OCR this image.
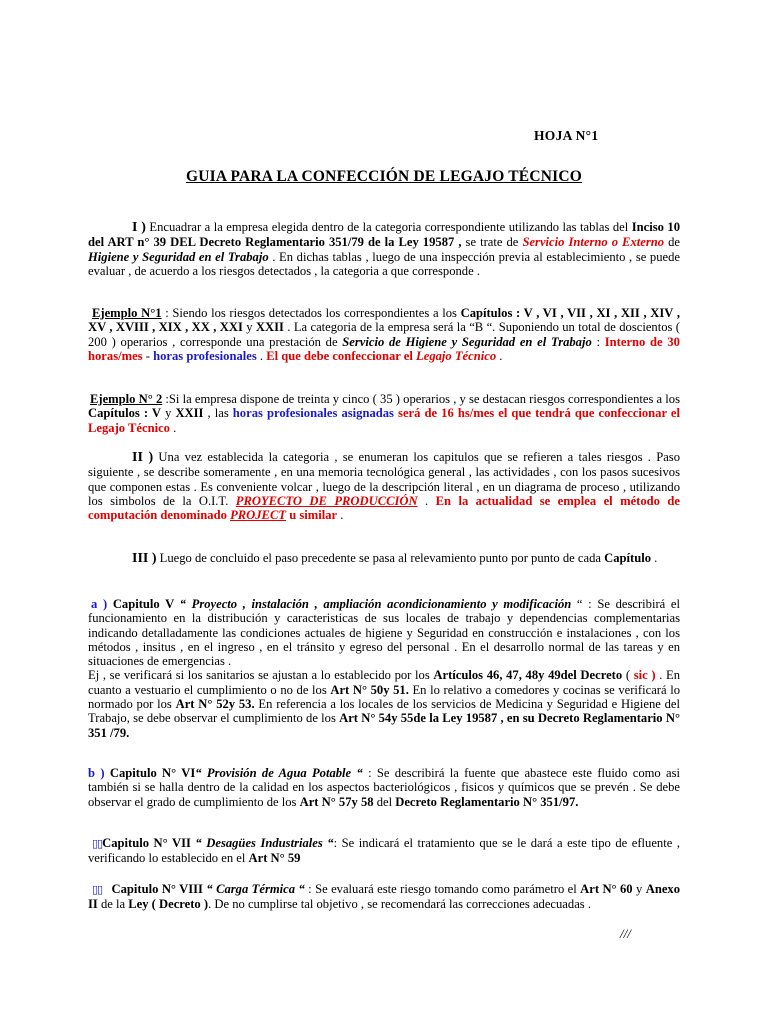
HOJA N°1
GUIA PARA LA CONFECCIÓN DE LEGAJO TÉCNICO

I ) Encuadrar a la empresa elegida dentro de la categoria correspondiente utilizando las tablas del Inciso 10 del ART n° 39 DEL Decreto Reglamentario 351/79 de la Ley 19587 , se trate de Servicio Interno o Externo de Higiene y Seguridad en el Trabajo . En dichas tablas , luego de una inspección previa al establecimiento , se puede evaluar , de acuerdo a los riesgos detectados , la categoria a que corresponde .

Ejemplo N°1 : Siendo los riesgos detectados los correspondientes a los Capítulos : V , VI , VII , XI , XII , XIV , XV , XVIII , XIX , XX , XXI y XXII . La categoria de la empresa será la “B “. Suponiendo un total de doscientos ( 200 ) operarios , corresponde una prestación de Servicio de Higiene y Seguridad en el Trabajo : Interno de 30 horas/mes - horas profesionales . El que debe confeccionar el Legajo Técnico .

Ejemplo N° 2 :Si la empresa dispone de treinta y cinco ( 35 ) operarios , y se destacan riesgos correspondientes a los Capítulos : V y XXII , las horas profesionales asignadas será de 16 hs/mes el que tendrá que confeccionar el Legajo Técnico .

II ) Una vez establecida la categoria , se enumeran los capitulos que se refieren a tales riesgos . Paso siguiente , se describe someramente , en una memoria tecnológica general , las actividades , con los pasos sucesivos que componen estas . Es conveniente volcar , luego de la descripción literal , en un diagrama de proceso , utilizando los simbolos de la O.I.T. PROYECTO DE PRODUCCIÓN . En la actualidad se emplea el método de computación denominado PROJECT u similar .

III ) Luego de concluido el paso precedente se pasa al relevamiento punto por punto de cada Capítulo .

a ) Capitulo V “ Proyecto , instalación , ampliación acondicionamiento y modificación “ : Se describirá el funcionamiento en la distribución y caracteristicas de sus locales de trabajo y dependencias complementarias indicando detalladamente las condiciones actuales de higiene y Seguridad en construcción e instalaciones , con los métodos , insitus , en el ingreso , en el tránsito y egreso del personal . En el desarrollo normal de las tareas y en situaciones de emergencias .
Ej , se verificará si los sanitarios se ajustan a lo establecido por los Artículos 46, 47, 48y 49del Decreto ( sic ) . En cuanto a vestuario el cumplimiento o no de los Art N° 50y 51. En lo relativo a comedores y cocinas se verificará lo normado por los Art N° 52y 53. En referencia a los locales de los servicios de Medicina y Seguridad e Higiene del Trabajo, se debe observar el cumplimiento de los Art N° 54y 55de la Ley 19587 , en su Decreto Reglamentario N° 351 /79.

b ) Capitulo N° VI“ Provisión de Agua Potable “ : Se describirá la fuente que abastece este fluido como asi también si se halla dentro de la calidad en los aspectos bacteriológicos , fisicos y químicos que se prevén . Se debe observar el grado de cumplimiento de los Art N° 57y 58 del Decreto Reglamentario N° 351/97.

▯▯Capitulo N° VII “ Desagües Industriales “: Se indicará el tratamiento que se le dará a este tipo de efluente , verificando lo establecido en el Art N° 59

▯▯ Capitulo N° VIII “ Carga Térmica “ : Se evaluará este riesgo tomando como parámetro el Art N° 60 y Anexo II de la Ley ( Decreto ). De no cumplirse tal objetivo , se recomendará las correcciones adecuadas .

///
